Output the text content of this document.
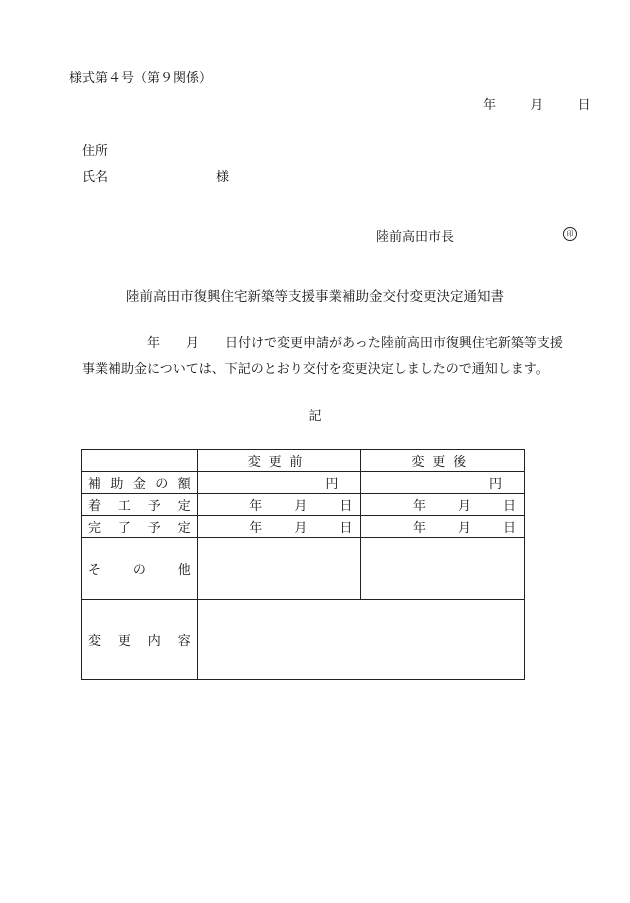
様式第４号（第９関係）
年	月	日
住所
氏名	様
陸前高田市長	印
陸前高田市復興住宅新築等支援事業補助金交付変更決定通知書
年　　月　　日付けで変更申請があった陸前高田市復興住宅新築等支援
事業補助金については、下記のとおり交付を変更決定しましたので通知します。
記
	変更前	変更後
補助金の額	円	円
着工予定	年 月 日	年 月 日
完了予定	年 月 日	年 月 日
その他		
変更内容		
